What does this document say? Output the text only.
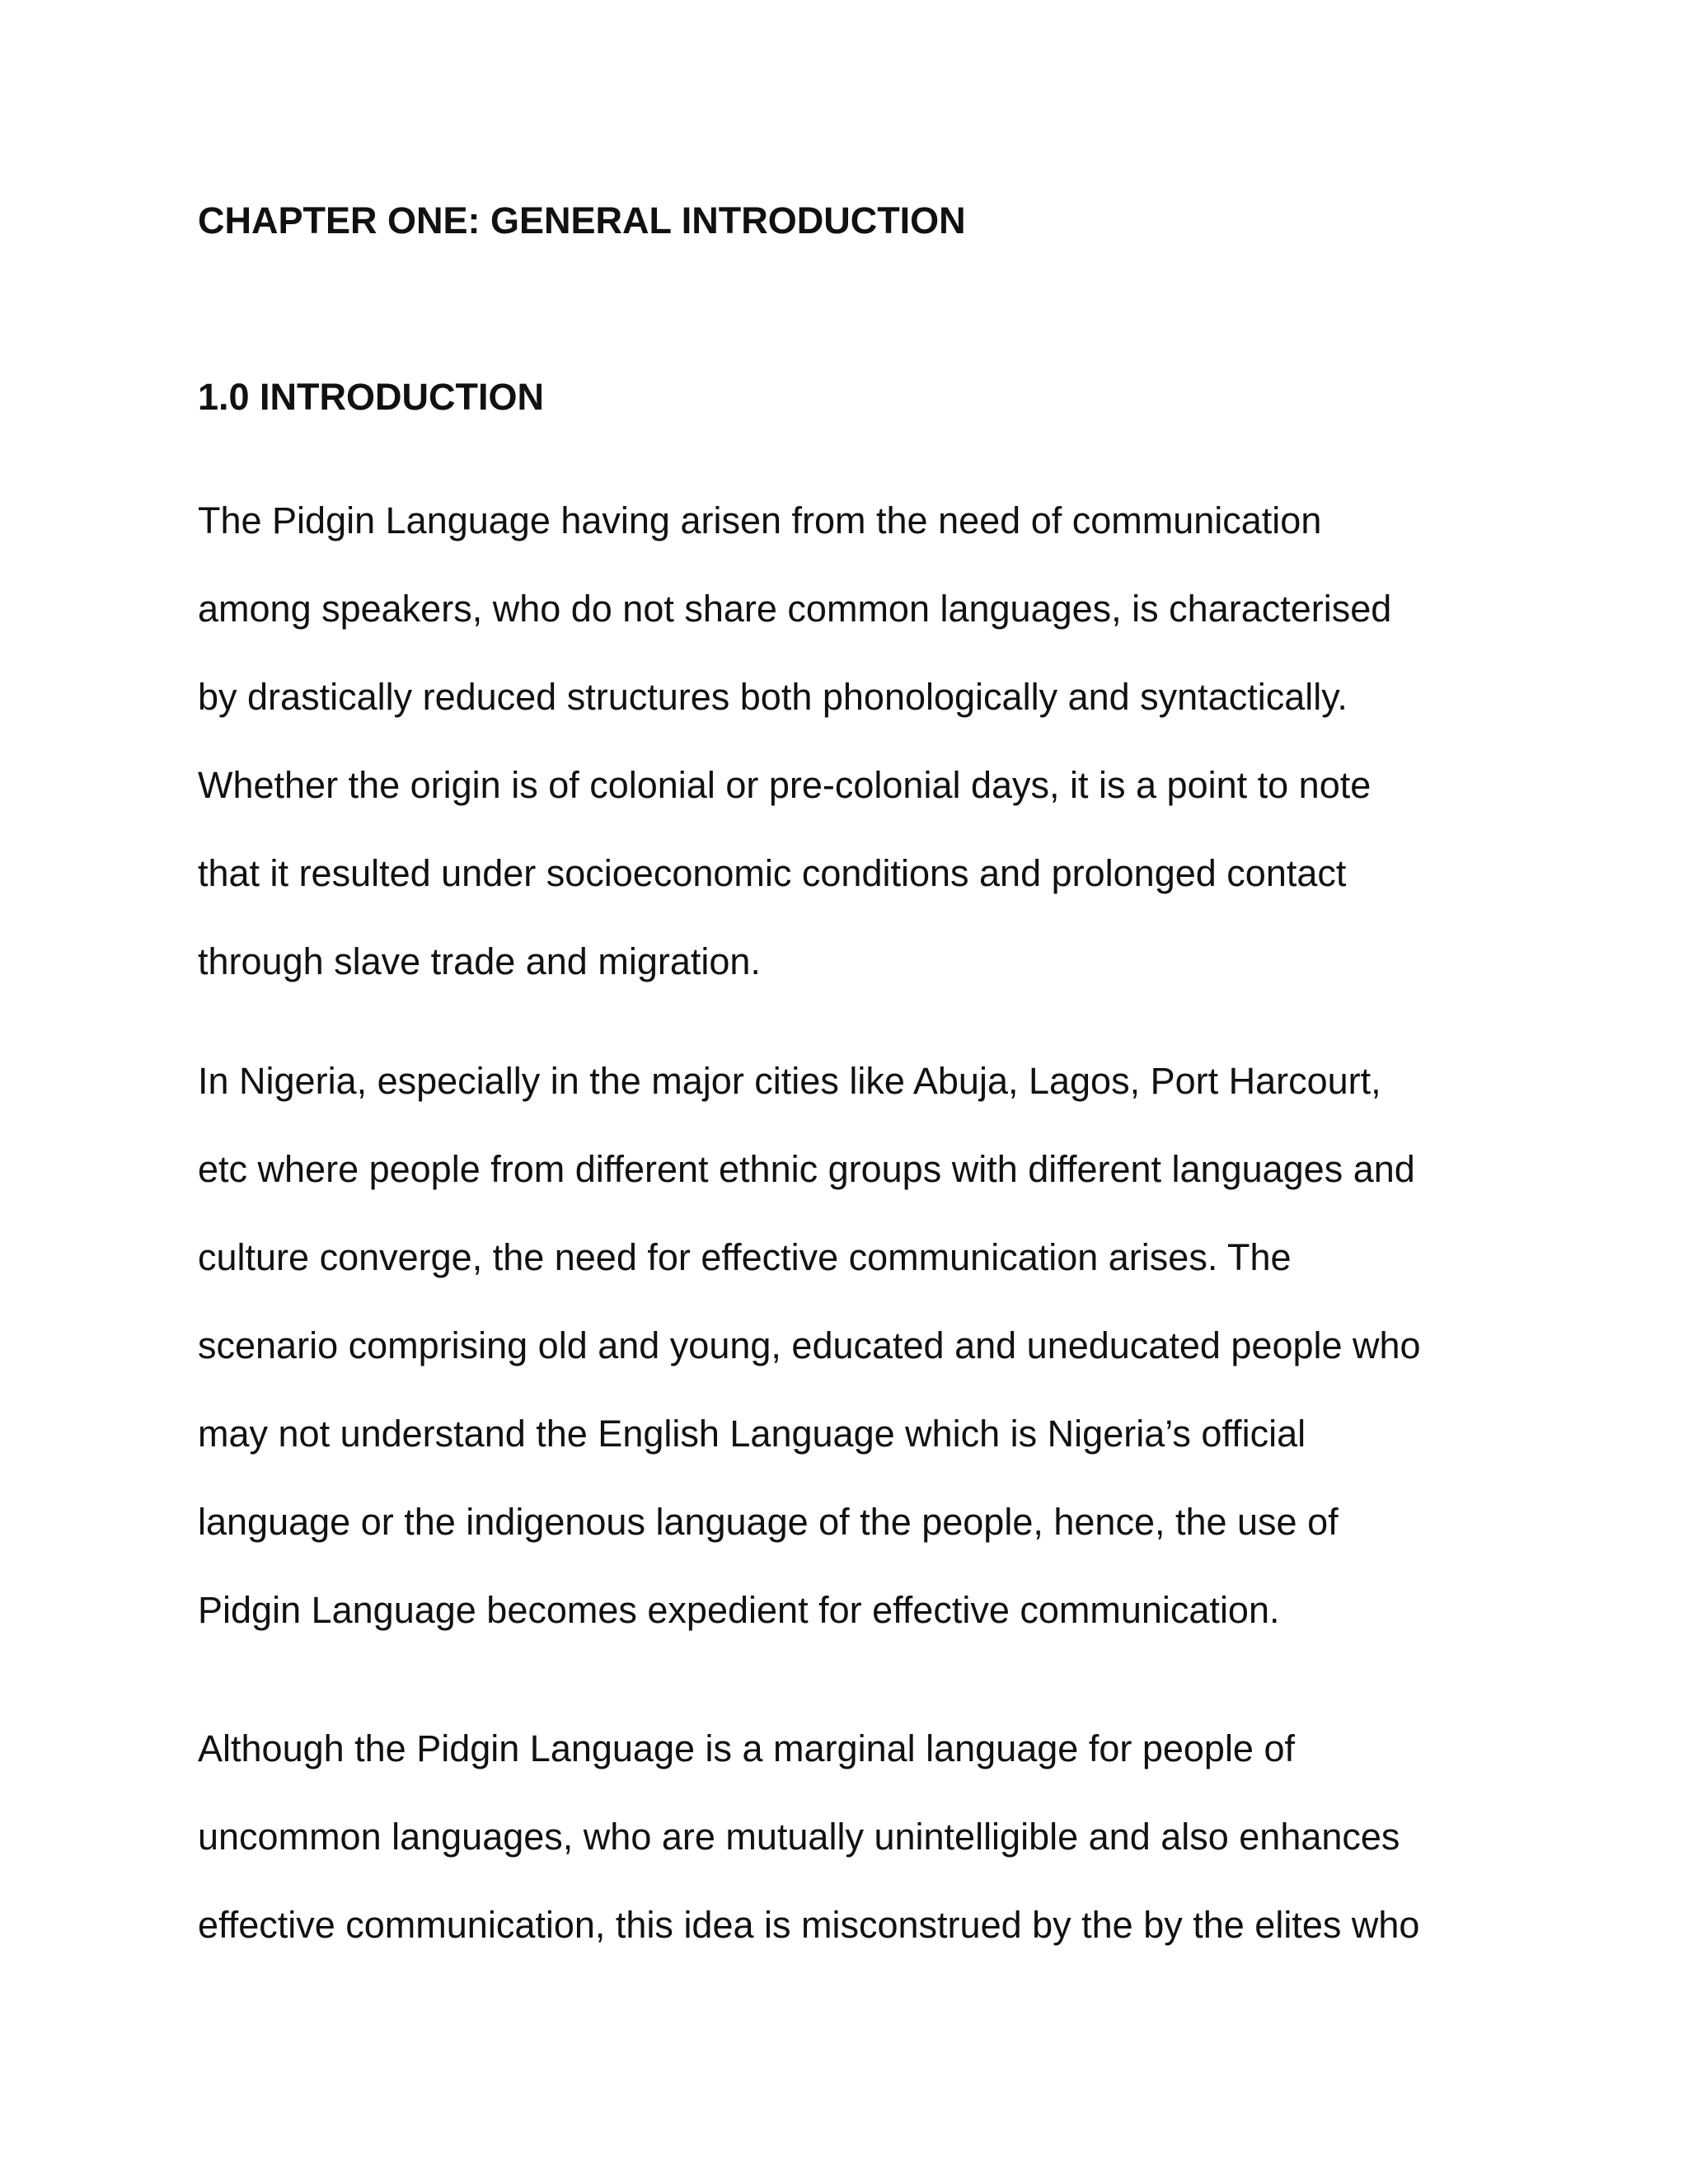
CHAPTER ONE: GENERAL INTRODUCTION
1.0 INTRODUCTION

The Pidgin Language having arisen from the need of communication
among speakers, who do not share common languages, is characterised
by drastically reduced structures both phonologically and syntactically.
Whether the origin is of colonial or pre-colonial days, it is a point to note
that it resulted under socioeconomic conditions and prolonged contact
through slave trade and migration.

In Nigeria, especially in the major cities like Abuja, Lagos, Port Harcourt,
etc where people from different ethnic groups with different languages and
culture converge, the need for effective communication arises. The
scenario comprising old and young, educated and uneducated people who
may not understand the English Language which is Nigeria’s official
language or the indigenous language of the people, hence, the use of
Pidgin Language becomes expedient for effective communication.

Although the Pidgin Language is a marginal language for people of
uncommon languages, who are mutually unintelligible and also enhances
effective communication, this idea is misconstrued by the by the elites who
